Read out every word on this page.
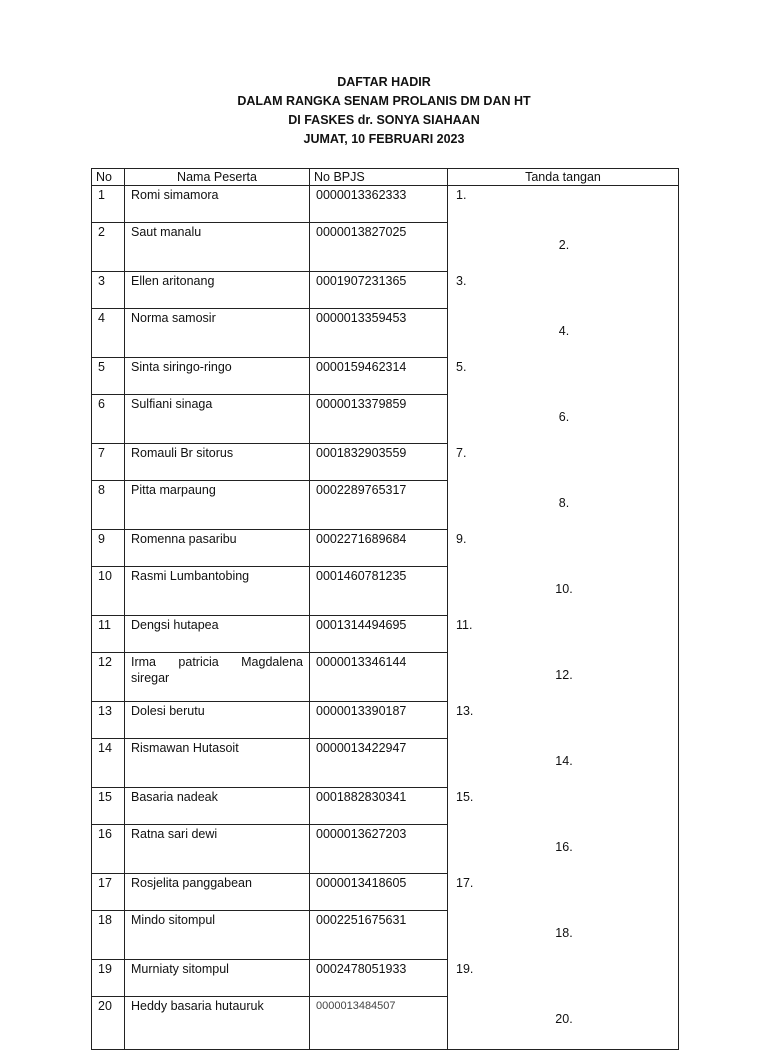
DAFTAR HADIR
DALAM RANGKA SENAM PROLANIS DM DAN HT
DI FASKES dr. SONYA SIAHAAN
JUMAT, 10 FEBRUARI 2023
No	Nama Peserta	No BPJS	Tanda tangan
1	Romi simamora	0000013362333	1.
2	Saut manalu	0000013827025	2.
3	Ellen aritonang	0001907231365	3.
4	Norma samosir	0000013359453	4.
5	Sinta siringo-ringo	0000159462314	5.
6	Sulfiani sinaga	0000013379859	6.
7	Romauli Br sitorus	0001832903559	7.
8	Pitta marpaung	0002289765317	8.
9	Romenna pasaribu	0002271689684	9.
10	Rasmi Lumbantobing	0001460781235	10.
11	Dengsi hutapea	0001314494695	11.
12	Irma patricia Magdalena siregar	0000013346144	12.
13	Dolesi berutu	0000013390187	13.
14	Rismawan Hutasoit	0000013422947	14.
15	Basaria nadeak	0001882830341	15.
16	Ratna sari dewi	0000013627203	16.
17	Rosjelita panggabean	0000013418605	17.
18	Mindo sitompul	0002251675631	18.
19	Murniaty sitompul	0002478051933	19.
20	Heddy basaria hutauruk	0000013484507	20.
